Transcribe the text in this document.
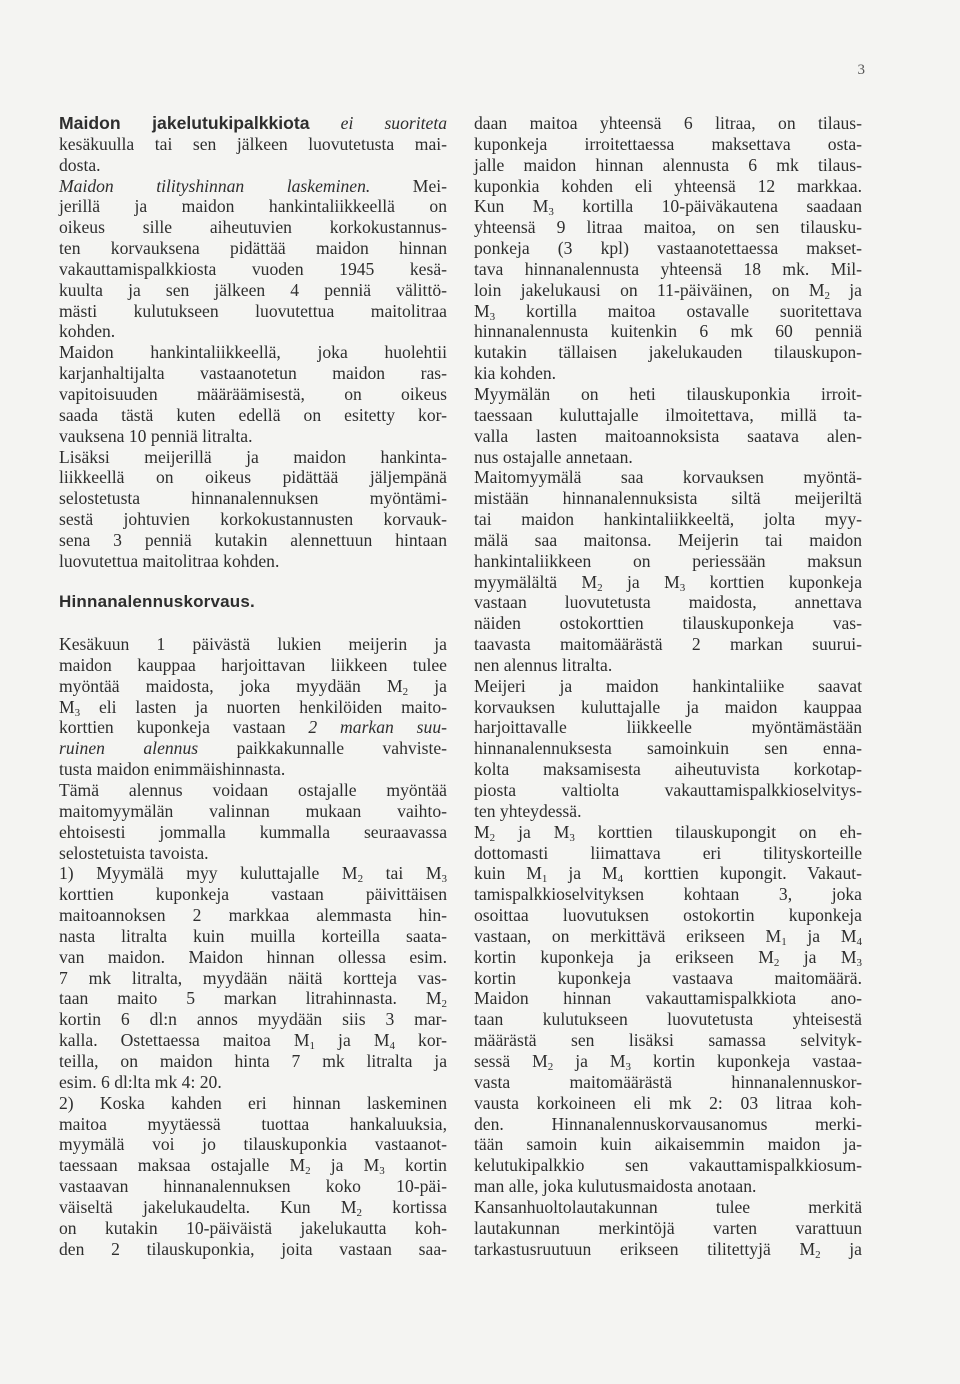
3
Maidon jakelutukipalkkiota ei suoriteta
kesäkuulla tai sen jälkeen luovutetusta mai-
dosta.
Maidon tilityshinnan laskeminen. Mei-
jerillä ja maidon hankintaliikkeellä on
oikeus sille aiheutuvien korkokustannus-
ten korvauksena pidättää maidon hinnan
vakauttamispalkkiosta vuoden 1945 kesä-
kuulta ja sen jälkeen 4 penniä välittö-
mästi kulutukseen luovutettua maitolitraa
kohden.
Maidon hankintaliikkeellä, joka huolehtii
karjanhaltijalta vastaanotetun maidon ras-
vapitoisuuden määräämisestä, on oikeus
saada tästä kuten edellä on esitetty kor-
vauksena 10 penniä litralta.
Lisäksi meijerillä ja maidon hankinta-
liikkeellä on oikeus pidättää jäljempänä
selostetusta hinnanalennuksen myöntämi-
sestä johtuvien korkokustannusten korvauk-
sena 3 penniä kutakin alennettuun hintaan
luovutettua maitolitraa kohden.
Hinnanalennuskorvaus.
Kesäkuun 1 päivästä lukien meijerin ja
maidon kauppaa harjoittavan liikkeen tulee
myöntää maidosta, joka myydään $M_2$ ja
$M_3$ eli lasten ja nuorten henkilöiden maito-
korttien kuponkeja vastaan 2 markan suu-
ruinen alennus paikkakunnalle vahviste-
tusta maidon enimmäishinnasta.
Tämä alennus voidaan ostajalle myöntää
maitomyymälän valinnan mukaan vaihto-
ehtoisesti jommalla kummalla seuraavassa
selostetuista tavoista.
1) Myymälä myy kuluttajalle $M_2$ tai $M_3$
korttien kuponkeja vastaan päivittäisen
maitoannoksen 2 markkaa alemmasta hin-
nasta litralta kuin muilla korteilla saata-
van maidon. Maidon hinnan ollessa esim.
7 mk litralta, myydään näitä kortteja vas-
taan maito 5 markan litrahinnasta. $M_2$
kortin 6 dl:n annos myydään siis 3 mar-
kalla. Ostettaessa maitoa $M_1$ ja $M_4$ kor-
teilla, on maidon hinta 7 mk litralta ja
esim. 6 dl:lta mk 4: 20.
2) Koska kahden eri hinnan laskeminen
maitoa myytäessä tuottaa hankaluuksia,
myymälä voi jo tilauskuponkia vastaanot-
taessaan maksaa ostajalle $M_2$ ja $M_3$ kortin
vastaavan hinnanalennuksen koko 10-päi-
väiseltä jakelukaudelta. Kun $M_2$ kortissa
on kutakin 10-päiväistä jakelukautta koh-
den 2 tilauskuponkia, joita vastaan saa-
daan maitoa yhteensä 6 litraa, on tilaus-
kuponkeja irroitettaessa maksettava osta-
jalle maidon hinnan alennusta 6 mk tilaus-
kuponkia kohden eli yhteensä 12 markkaa.
Kun $M_3$ kortilla 10-päiväkautena saadaan
yhteensä 9 litraa maitoa, on sen tilausku-
ponkeja (3 kpl) vastaanotettaessa makset-
tava hinnanalennusta yhteensä 18 mk. Mil-
loin jakelukausi on 11-päiväinen, on $M_2$ ja
$M_3$ kortilla maitoa ostavalle suoritettava
hinnanalennusta kuitenkin 6 mk 60 penniä
kutakin tällaisen jakelukauden tilauskupon-
kia kohden.
Myymälän on heti tilauskuponkia irroit-
taessaan kuluttajalle ilmoitettava, millä ta-
valla lasten maitoannoksista saatava alen-
nus ostajalle annetaan.
Maitomyymälä saa korvauksen myöntä-
mistään hinnanalennuksista siltä meijeriltä
tai maidon hankintaliikkeeltä, jolta myy-
mälä saa maitonsa. Meijerin tai maidon
hankintaliikkeen on periessään maksun
myymälältä $M_2$ ja $M_3$ korttien kuponkeja
vastaan luovutetusta maidosta, annettava
näiden ostokorttien tilauskuponkeja vas-
taavasta maitomäärästä 2 markan suurui-
nen alennus litralta.
Meijeri ja maidon hankintaliike saavat
korvauksen kuluttajalle ja maidon kauppaa
harjoittavalle liikkeelle myöntämästään
hinnanalennuksesta samoinkuin sen enna-
kolta maksamisesta aiheutuvista korkotap-
piosta valtiolta vakauttamispalkkioselvitys-
ten yhteydessä.
$M_2$ ja $M_3$ korttien tilauskupongit on eh-
dottomasti liimattava eri tilityskorteille
kuin $M_1$ ja $M_4$ korttien kupongit. Vakaut-
tamispalkkioselvityksen kohtaan 3, joka
osoittaa luovutuksen ostokortin kuponkeja
vastaan, on merkittävä erikseen $M_1$ ja $M_4$
kortin kuponkeja ja erikseen $M_2$ ja $M_3$
kortin kuponkeja vastaava maitomäärä.
Maidon hinnan vakauttamispalkkiota ano-
taan kulutukseen luovutetusta yhteisestä
määrästä sen lisäksi samassa selvityk-
sessä $M_2$ ja $M_3$ kortin kuponkeja vastaa-
vasta maitomäärästä hinnanalennuskor-
vausta korkoineen eli mk 2: 03 litraa koh-
den. Hinnanalennuskorvausanomus merki-
tään samoin kuin aikaisemmin maidon ja-
kelutukipalkkio sen vakauttamispalkkiosum-
man alle, joka kulutusmaidosta anotaan.
Kansanhuoltolautakunnan tulee merkitä
lautakunnan merkintöjä varten varattuun
tarkastusruutuun erikseen tilitettyjä $M_2$ ja
